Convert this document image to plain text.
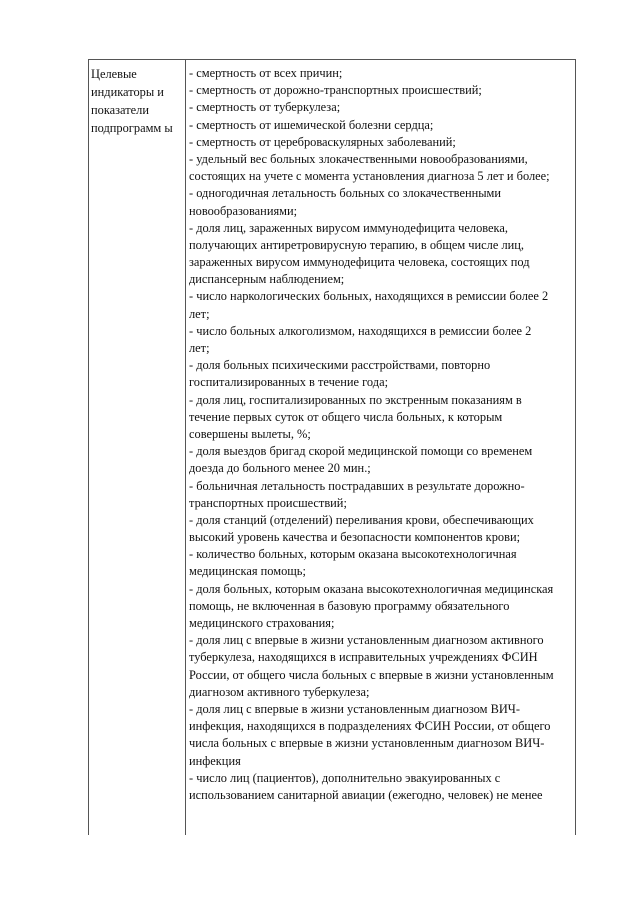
Целевые
индикаторы и
показатели
подпрограмм ы
- смертность от всех причин;
- смертность от дорожно-транспортных происшествий;
- смертность от туберкулеза;
- смертность от ишемической болезни сердца;
- смертность от цереброваскулярных заболеваний;
- удельный вес больных злокачественными новообразованиями,
состоящих на учете с момента установления диагноза 5 лет и более;
- одногодичная летальность больных со злокачественными
новообразованиями;
- доля лиц, зараженных вирусом иммунодефицита человека,
получающих антиретровирусную терапию, в общем числе лиц,
зараженных вирусом иммунодефицита человека, состоящих под
диспансерным наблюдением;
- число наркологических больных, находящихся в ремиссии более 2
лет;
- число больных алкоголизмом, находящихся в ремиссии более 2
лет;
- доля больных психическими расстройствами, повторно
госпитализированных в течение года;
- доля лиц, госпитализированных по экстренным показаниям в
течение первых суток от общего числа больных, к которым
совершены вылеты, %;
- доля выездов бригад скорой медицинской помощи со временем
доезда до больного менее 20 мин.;
- больничная летальность пострадавших в результате дорожно-
транспортных происшествий;
- доля станций (отделений) переливания крови, обеспечивающих
высокий уровень качества и безопасности компонентов крови;
- количество больных, которым оказана высокотехнологичная
медицинская помощь;
- доля больных, которым оказана высокотехнологичная медицинская
помощь, не включенная в базовую программу обязательного
медицинского страхования;
- доля лиц с впервые в жизни установленным диагнозом активного
туберкулеза, находящихся в исправительных учреждениях ФСИН
России, от общего числа больных с впервые в жизни установленным
диагнозом активного туберкулеза;
- доля лиц с впервые в жизни установленным диагнозом ВИЧ-
инфекция, находящихся в подразделениях ФСИН России, от общего
числа больных с впервые в жизни установленным диагнозом ВИЧ-
инфекция
- число лиц (пациентов), дополнительно эвакуированных с
использованием санитарной авиации (ежегодно, человек) не менее
